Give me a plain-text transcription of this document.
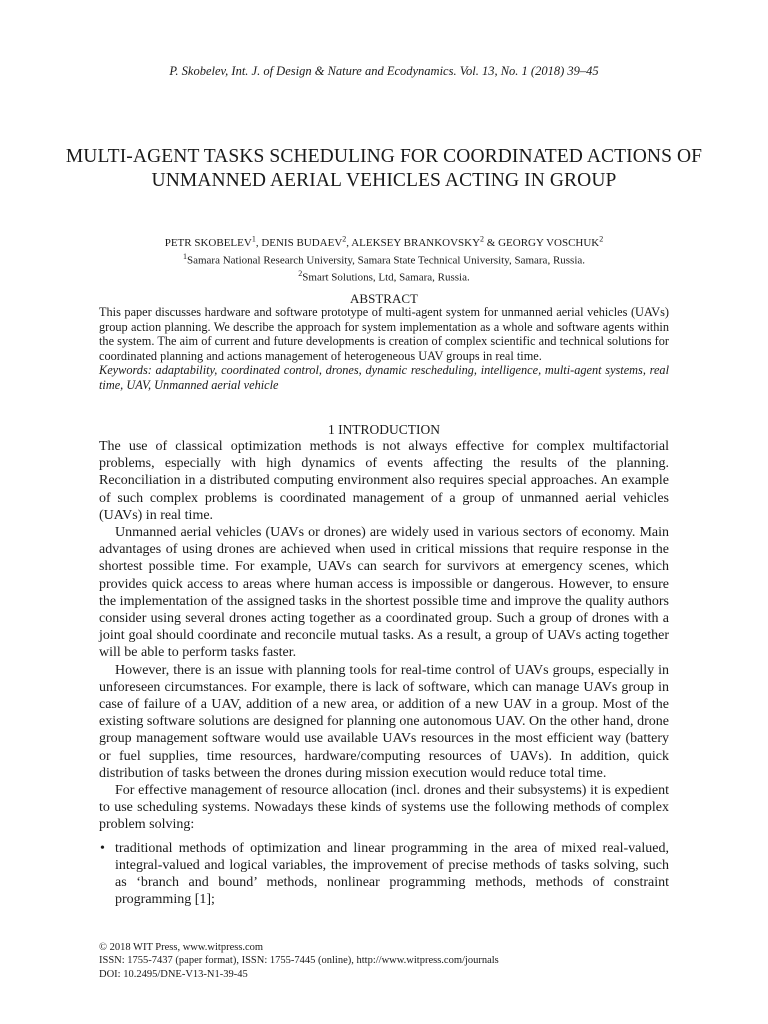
P. Skobelev, Int. J. of Design & Nature and Ecodynamics. Vol. 13, No. 1 (2018) 39–45
MULTI-AGENT TASKS SCHEDULING FOR COORDINATED ACTIONS OF UNMANNED AERIAL VEHICLES ACTING IN GROUP
PETR SKOBELEV$^1$, DENIS BUDAEV$^2$, ALEKSEY BRANKOVSKY$^2$ & GEORGY VOSCHUK$^2$
$^1$Samara National Research University, Samara State Technical University, Samara, Russia.
$^2$Smart Solutions, Ltd, Samara, Russia.
ABSTRACT

This paper discusses hardware and software prototype of multi-agent system for unmanned aerial vehicles (UAVs) group action planning. We describe the approach for system implementation as a whole and software agents within the system. The aim of current and future developments is creation of complex scientific and technical solutions for coordinated planning and actions management of heterogeneous UAV groups in real time.

Keywords: adaptability, coordinated control, drones, dynamic rescheduling, intelligence, multi-agent systems, real time, UAV, Unmanned aerial vehicle

1 INTRODUCTION

The use of classical optimization methods is not always effective for complex multifactorial problems, especially with high dynamics of events affecting the results of the planning. Reconciliation in a distributed computing environment also requires special approaches. An example of such complex problems is coordinated management of a group of unmanned aerial vehicles (UAVs) in real time.

Unmanned aerial vehicles (UAVs or drones) are widely used in various sectors of economy. Main advantages of using drones are achieved when used in critical missions that require response in the shortest possible time. For example, UAVs can search for survivors at emergency scenes, which provides quick access to areas where human access is impossible or dangerous. However, to ensure the implementation of the assigned tasks in the shortest possible time and improve the quality authors consider using several drones acting together as a coordinated group. Such a group of drones with a joint goal should coordinate and reconcile mutual tasks. As a result, a group of UAVs acting together will be able to perform tasks faster.

However, there is an issue with planning tools for real-time control of UAVs groups, especially in unforeseen circumstances. For example, there is lack of software, which can manage UAVs group in case of failure of a UAV, addition of a new area, or addition of a new UAV in a group. Most of the existing software solutions are designed for planning one autonomous UAV. On the other hand, drone group management software would use available UAVs resources in the most efficient way (battery or fuel supplies, time resources, hardware/computing resources of UAVs). In addition, quick distribution of tasks between the drones during mission execution would reduce total time.

For effective management of resource allocation (incl. drones and their subsystems) it is expedient to use scheduling systems. Nowadays these kinds of systems use the following methods of complex problem solving:

• traditional methods of optimization and linear programming in the area of mixed real-valued, integral-valued and logical variables, the improvement of precise methods of tasks solving, such as ‘branch and bound’ methods, nonlinear programming methods, methods of constraint programming [1];
© 2018 WIT Press, www.witpress.com
ISSN: 1755-7437 (paper format), ISSN: 1755-7445 (online), http://www.witpress.com/journals
DOI: 10.2495/DNE-V13-N1-39-45
